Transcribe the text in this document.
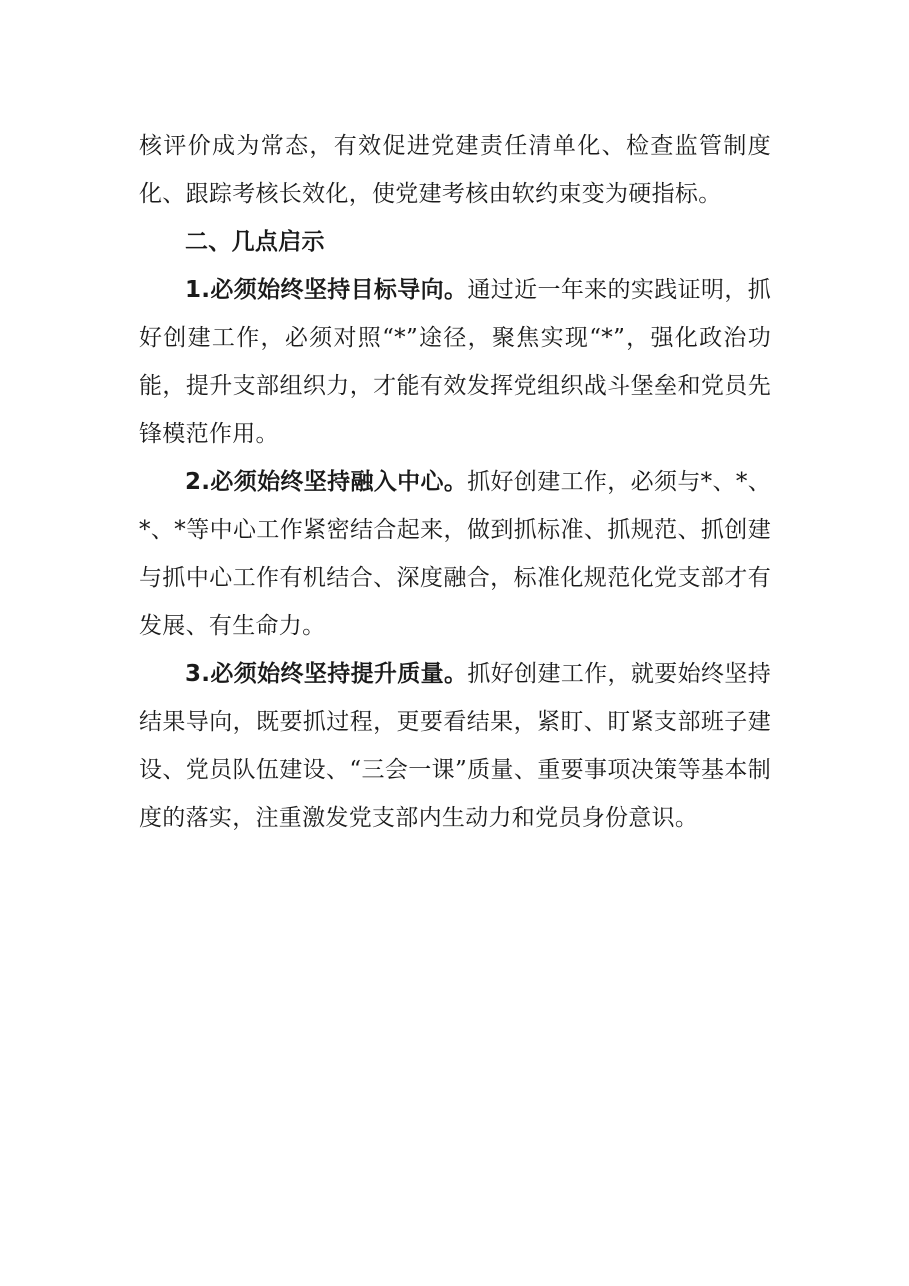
核评价成为常态，有效促进党建责任清单化、检查监管制度化、跟踪考核长效化，使党建考核由软约束变为硬指标。

二、几点启示

1.必须始终坚持目标导向。通过近一年来的实践证明，抓好创建工作，必须对照“*”途径，聚焦实现“*”，强化政治功能，提升支部组织力，才能有效发挥党组织战斗堡垒和党员先锋模范作用。

2.必须始终坚持融入中心。抓好创建工作，必须与*、*、*、*等中心工作紧密结合起来，做到抓标准、抓规范、抓创建与抓中心工作有机结合、深度融合，标准化规范化党支部才有发展、有生命力。

3.必须始终坚持提升质量。抓好创建工作，就要始终坚持结果导向，既要抓过程，更要看结果，紧盯、盯紧支部班子建设、党员队伍建设、“三会一课”质量、重要事项决策等基本制度的落实，注重激发党支部内生动力和党员身份意识。
